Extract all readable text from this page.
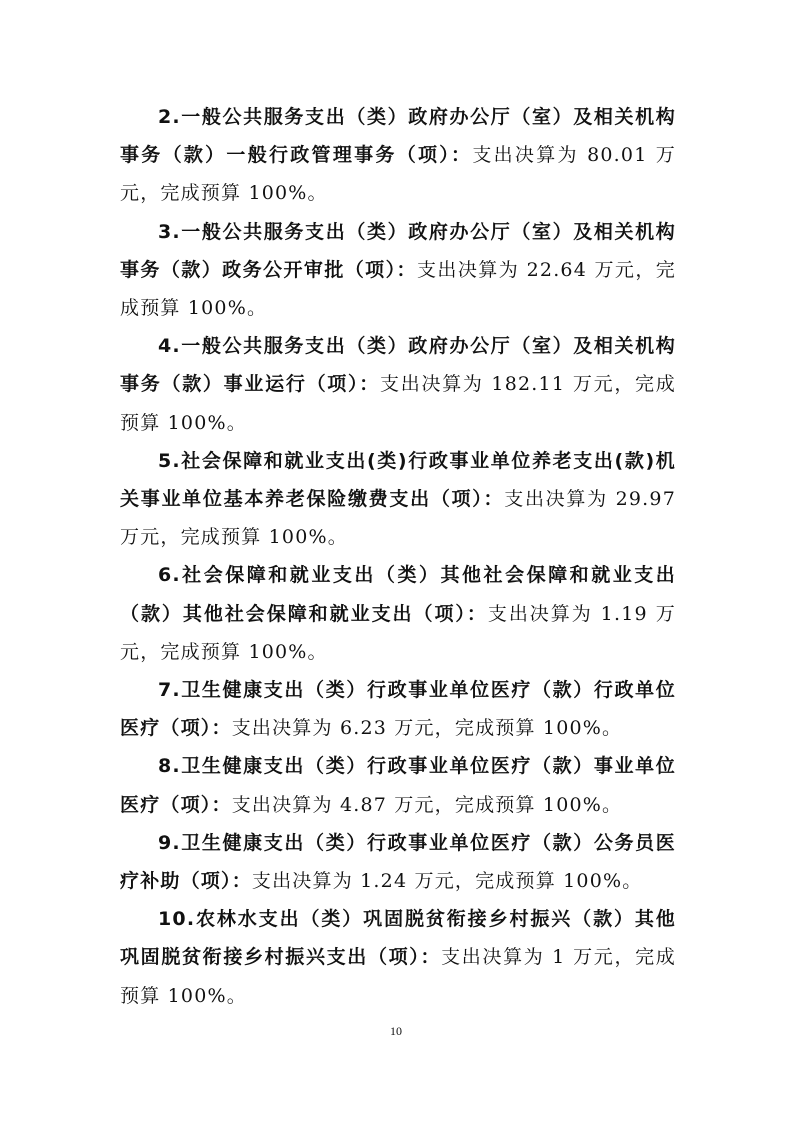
2.一般公共服务支出（类）政府办公厅（室）及相关机构事务（款）一般行政管理事务（项）：支出决算为 80.01 万元，完成预算 100%。

3.一般公共服务支出（类）政府办公厅（室）及相关机构事务（款）政务公开审批（项）：支出决算为 22.64 万元，完成预算 100%。

4.一般公共服务支出（类）政府办公厅（室）及相关机构事务（款）事业运行（项）：支出决算为 182.11 万元，完成预算 100%。

5.社会保障和就业支出(类)行政事业单位养老支出(款)机关事业单位基本养老保险缴费支出（项）：支出决算为 29.97 万元，完成预算 100%。

6.社会保障和就业支出（类）其他社会保障和就业支出（款）其他社会保障和就业支出（项）：支出决算为 1.19 万元，完成预算 100%。

7.卫生健康支出（类）行政事业单位医疗（款）行政单位医疗（项）：支出决算为 6.23 万元，完成预算 100%。

8.卫生健康支出（类）行政事业单位医疗（款）事业单位医疗（项）：支出决算为 4.87 万元，完成预算 100%。

9.卫生健康支出（类）行政事业单位医疗（款）公务员医疗补助（项）：支出决算为 1.24 万元，完成预算 100%。

10.农林水支出（类）巩固脱贫衔接乡村振兴（款）其他巩固脱贫衔接乡村振兴支出（项）：支出决算为 1 万元，完成预算 100%。

10
